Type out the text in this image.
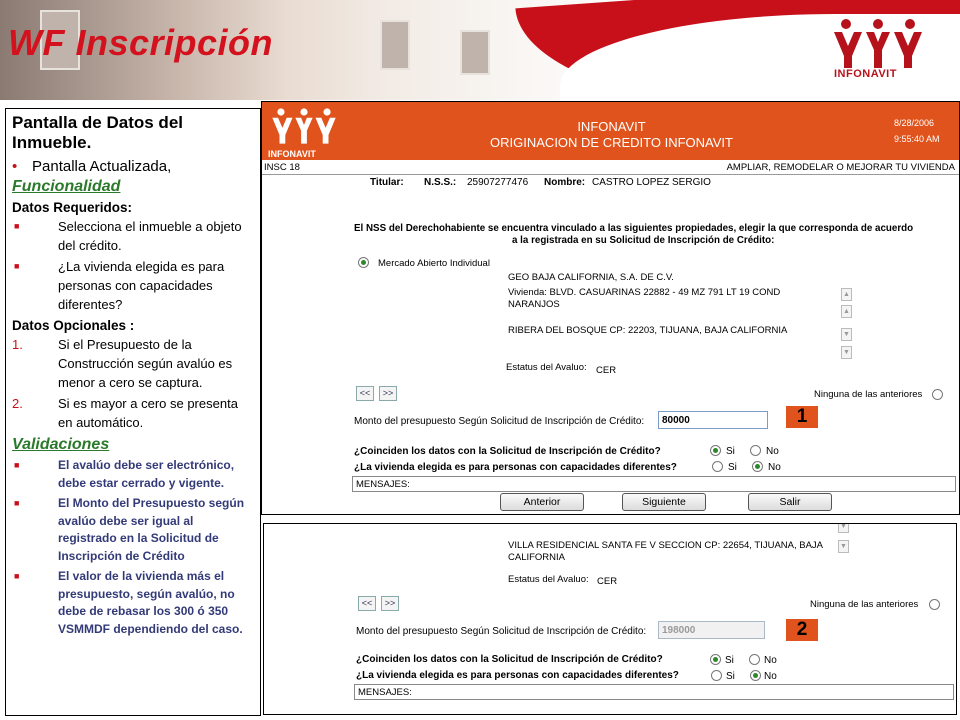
WF Inscripción
INFONAVIT
Pantalla de Datos del Inmueble.
• Pantalla Actualizada,
Funcionalidad
Datos Requeridos:
■	Selecciona el inmueble a objeto del crédito.
■	¿La vivienda elegida es para personas con capacidades diferentes?
Datos Opcionales :
1.	Si el Presupuesto de la Construcción según avalúo es menor a cero se captura.
2.	Si es mayor a cero se presenta en automático.
Validaciones
■	El avalúo debe ser electrónico, debe estar cerrado y vigente.
■	El Monto del Presupuesto según avalúo debe ser igual al registrado en la Solicitud de Inscripción de Crédito
■	El valor de la vivienda más el presupuesto, según avalúo, no debe de rebasar los 300 ó 350 VSMMDF dependiendo del caso.
INFONAVIT
INFONAVIT
ORIGINACION DE CREDITO INFONAVIT
8/28/2006
9:55:40 AM
INSC 18	AMPLIAR, REMODELAR O MEJORAR TU VIVIENDA
Titular: N.S.S.: 25907277476 Nombre: CASTRO LOPEZ SERGIO
El NSS del Derechohabiente se encuentra vinculado a las siguientes propiedades, elegir la que corresponda de acuerdo
a la registrada en su Solicitud de Inscripción de Crédito:
Mercado Abierto Individual
GEO BAJA CALIFORNIA, S.A. DE C.V.
Vivienda: BLVD. CASUARINAS 22882 - 49 MZ 791 LT 19 COND
NARANJOS
RIBERA DEL BOSQUE CP: 22203, TIJUANA, BAJA CALIFORNIA
▲
▲
▼
▼
Estatus del Avaluo: CER
<<	>>	Ninguna de las anteriores
Monto del presupuesto Según Solicitud de Inscripción de Crédito:	80000	1
¿Coinciden los datos con la Solicitud de Inscripción de Crédito?	Si	No
¿La vivienda elegida es para personas con capacidades diferentes?	Si	No
MENSAJES:
Anterior	Siguiente	Salir
▼
VILLA RESIDENCIAL SANTA FE V SECCION CP: 22654, TIJUANA, BAJA
CALIFORNIA
▼
Estatus del Avaluo: CER
<<	>>	Ninguna de las anteriores
Monto del presupuesto Según Solicitud de Inscripción de Crédito:	198000	2
¿Coinciden los datos con la Solicitud de Inscripción de Crédito?	Si	No
¿La vivienda elegida es para personas con capacidades diferentes?	Si	No
MENSAJES:
